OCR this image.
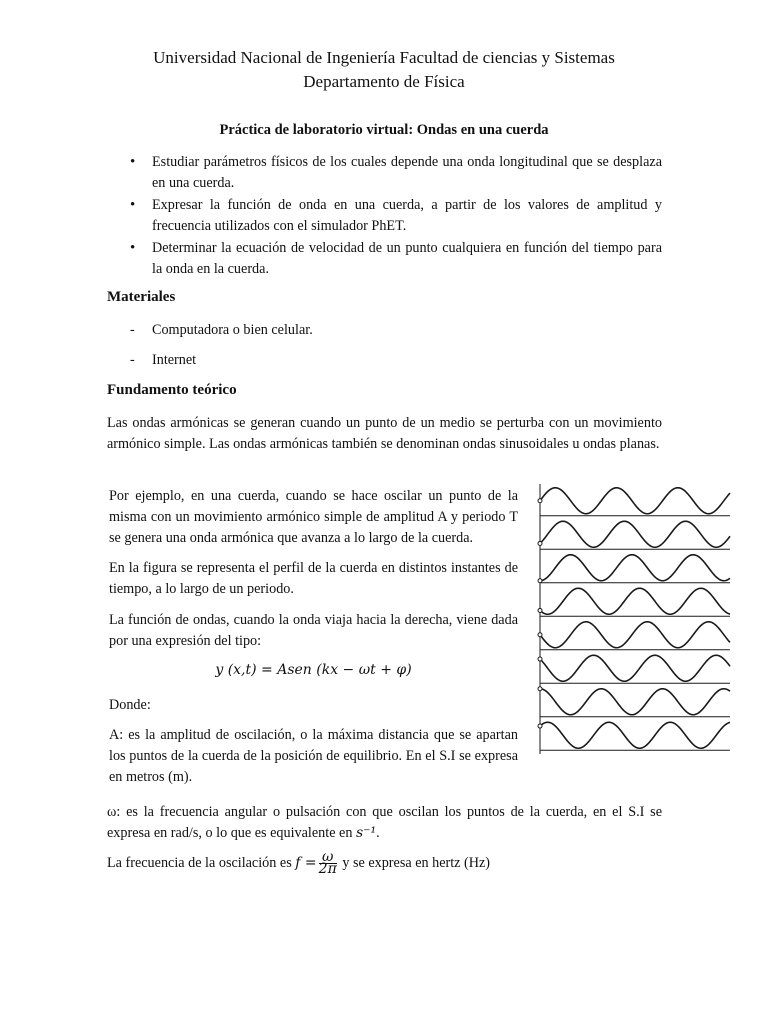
Universidad Nacional de Ingeniería Facultad de ciencias y Sistemas
Departamento de Física
Práctica de laboratorio virtual: Ondas en una cuerda
• Estudiar parámetros físicos de los cuales depende una onda longitudinal que se desplaza en una cuerda.
• Expresar la función de onda en una cuerda, a partir de los valores de amplitud y frecuencia utilizados con el simulador PhET.
• Determinar la ecuación de velocidad de un punto cualquiera en función del tiempo para la onda en la cuerda.
Materiales
- Computadora o bien celular.
- Internet
Fundamento teórico

Las ondas armónicas se generan cuando un punto de un medio se perturba con un movimiento armónico simple. Las ondas armónicas también se denominan ondas sinusoidales u ondas planas.

Por ejemplo, en una cuerda, cuando se hace oscilar un punto de la misma con un movimiento armónico simple de amplitud A y periodo T se genera una onda armónica que avanza a lo largo de la cuerda.

En la figura se representa el perfil de la cuerda en distintos instantes de tiempo, a lo largo de un periodo.

La función de ondas, cuando la onda viaja hacia la derecha, viene dada por una expresión del tipo:

y (x,t) = Asen (kx − ωt + φ)
Donde:

A: es la amplitud de oscilación, o la máxima distancia que se apartan los puntos de la cuerda de la posición de equilibrio. En el S.I se expresa en metros (m).

ω: es la frecuencia angular o pulsación con que oscilan los puntos de la cuerda, en el S.I se expresa en rad/s, o lo que es equivalente en s⁻¹.

La frecuencia de la oscilación es $f = \frac{\omega}{2\pi}$ y se expresa en hertz (Hz)
